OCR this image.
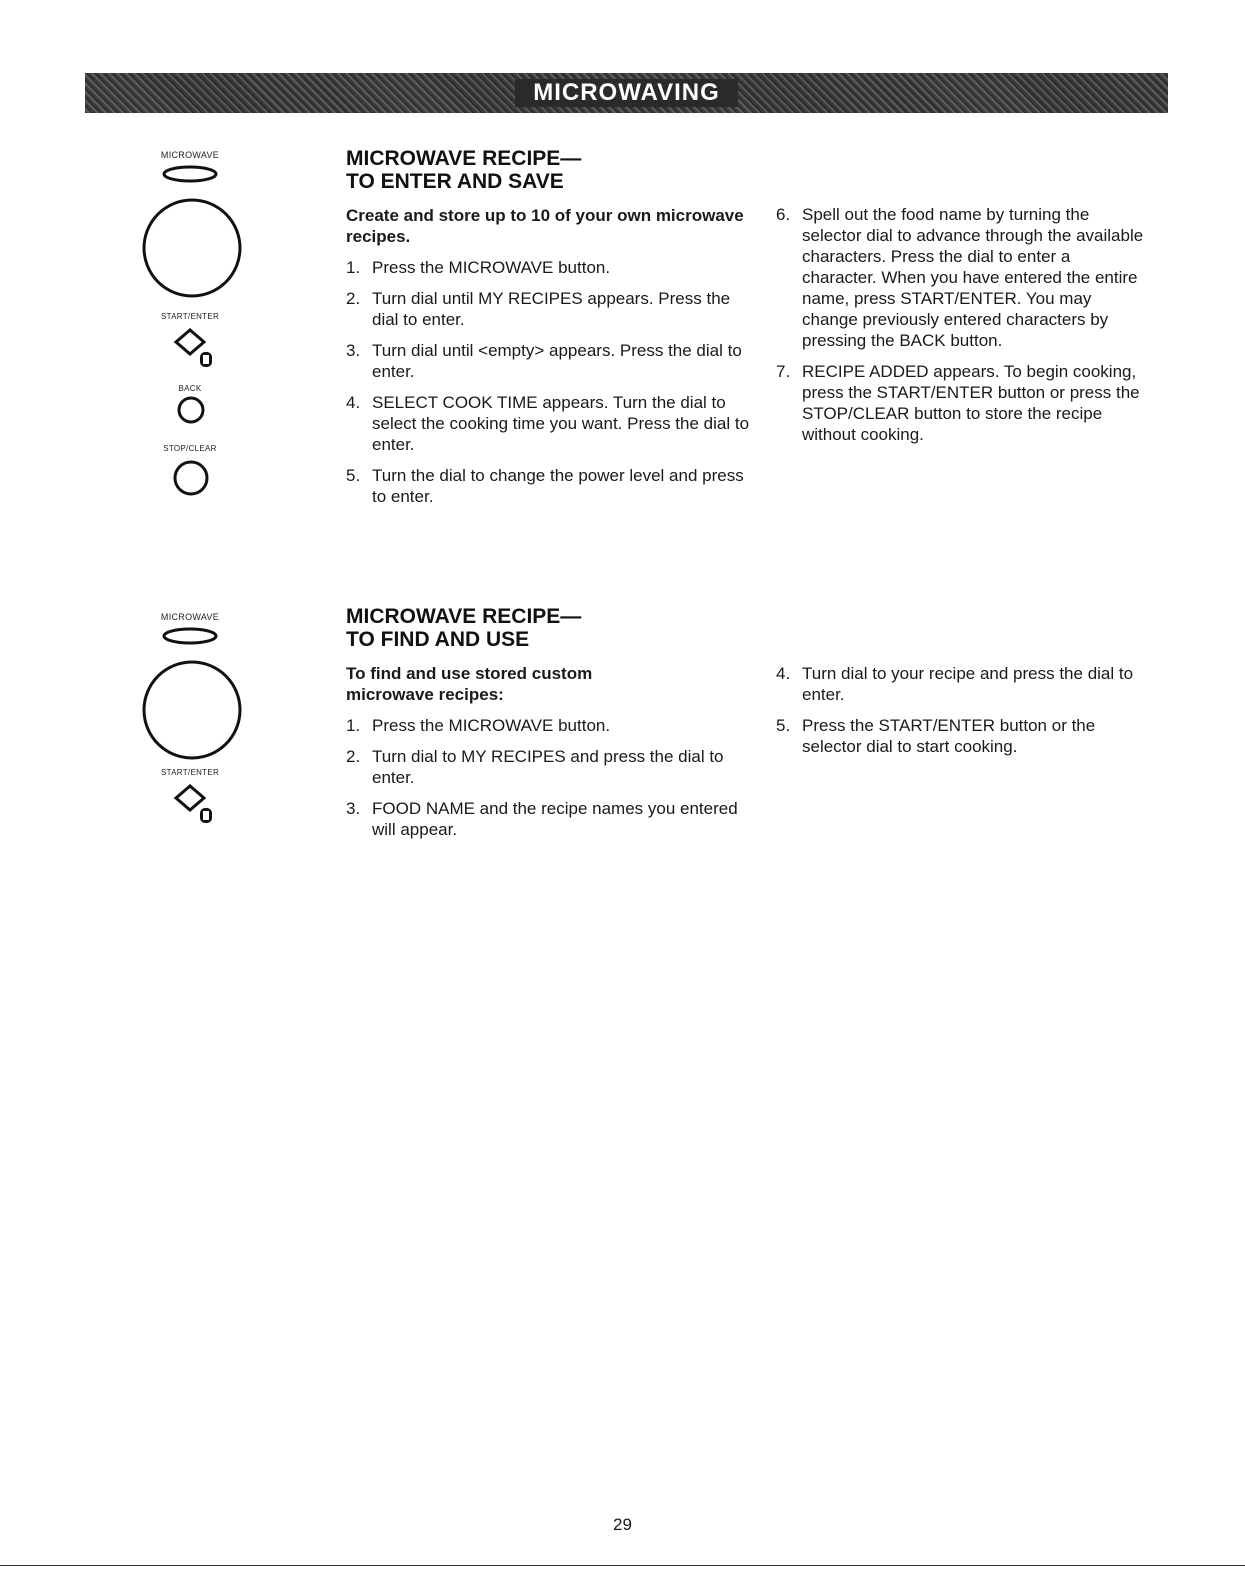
MICROWAVING
MICROWAVE
START/ENTER
BACK
STOP/CLEAR
MICROWAVE RECIPE—
TO ENTER AND SAVE

Create and store up to 10 of your own microwave recipes.

1. Press the MICROWAVE button.
2. Turn dial until MY RECIPES appears. Press the dial to enter.
3. Turn dial until <empty> appears. Press the dial to enter.
4. SELECT COOK TIME appears. Turn the dial to select the cooking time you want. Press the dial to enter.
5. Turn the dial to change the power level and press to enter.
6. Spell out the food name by turning the selector dial to advance through the available characters. Press the dial to enter a character. When you have entered the entire name, press START/ENTER. You may change previously entered characters by pressing the BACK button.
7. RECIPE ADDED appears. To begin cooking, press the START/ENTER button or press the STOP/CLEAR button to store the recipe without cooking.
MICROWAVE
START/ENTER
MICROWAVE RECIPE—
TO FIND AND USE

To find and use stored custom microwave recipes:

1. Press the MICROWAVE button.
2. Turn dial to MY RECIPES and press the dial to enter.
3. FOOD NAME and the recipe names you entered will appear.
4. Turn dial to your recipe and press the dial to enter.
5. Press the START/ENTER button or the selector dial to start cooking.
29
